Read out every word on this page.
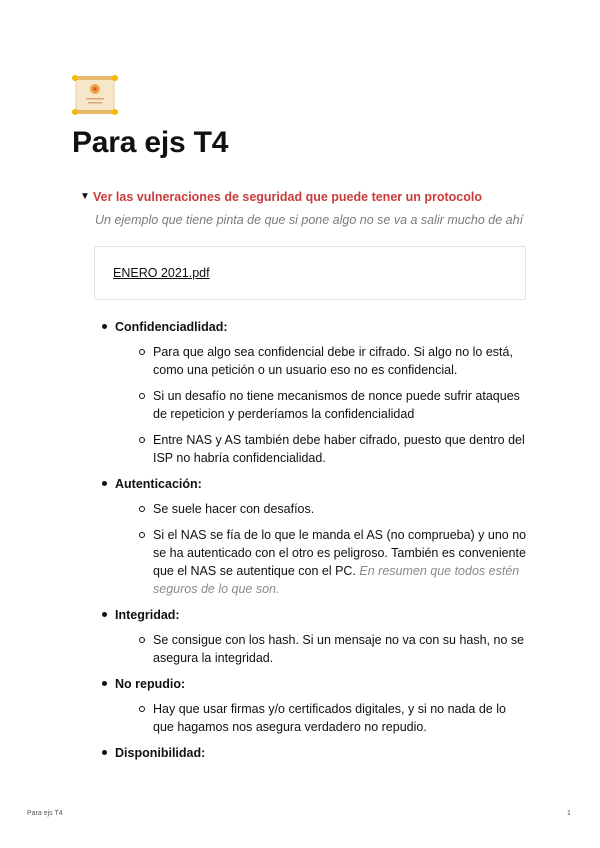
Para ejs T4
▼ Ver las vulneraciones de seguridad que puede tener un protocolo
Un ejemplo que tiene pinta de que si pone algo no se va a salir mucho de ahí
ENERO 2021.pdf
Confidenciadlidad:
Para que algo sea confidencial debe ir cifrado. Si algo no lo está, como una petición o un usuario eso no es confidencial.
Si un desafío no tiene mecanismos de nonce puede sufrir ataques de repeticion y perderíamos la confidencialidad
Entre NAS y AS también debe haber cifrado, puesto que dentro del ISP no habría confidencialidad.
Autenticación:
Se suele hacer con desafíos.
Si el NAS se fía de lo que le manda el AS (no comprueba) y uno no se ha autenticado con el otro es peligroso. También es conveniente que el NAS se autentique con el PC. En resumen que todos estén seguros de lo que son.
Integridad:
Se consigue con los hash. Si un mensaje no va con su hash, no se asegura la integridad.
No repudio:
Hay que usar firmas y/o certificados digitales, y si no nada de lo que hagamos nos asegura verdadero no repudio.
Disponibilidad:
Para ejs T4	1
